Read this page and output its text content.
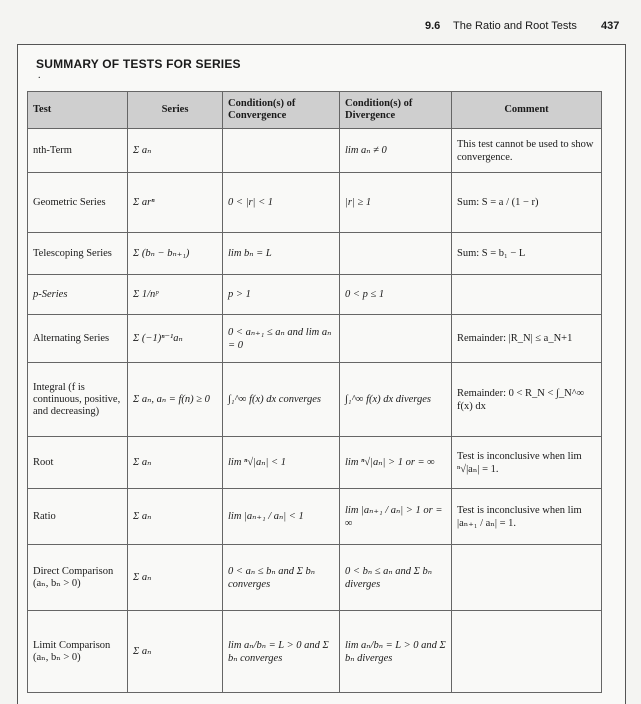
9.6 The Ratio and Root Tests 437
SUMMARY OF TESTS FOR SERIES
.
Test	Series	Condition(s) of Convergence	Condition(s) of Divergence	Comment
nth-Term	Σ aₙ		lim aₙ ≠ 0	This test cannot be used to show convergence.
Geometric Series	Σ arⁿ	0 < |r| < 1	|r| ≥ 1	Sum: S = a / (1 − r)
Telescoping Series	Σ (bₙ − bₙ₊₁)	lim bₙ = L		Sum: S = b₁ − L
p-Series	Σ 1/nᵖ	p > 1	0 < p ≤ 1	
Alternating Series	Σ (−1)ⁿ⁻¹aₙ	0 < aₙ₊₁ ≤ aₙ and lim aₙ = 0		Remainder: |R_N| ≤ a_N+1
Integral (f is continuous, positive, and decreasing)	Σ aₙ, aₙ = f(n) ≥ 0	∫₁^∞ f(x) dx converges	∫₁^∞ f(x) dx diverges	Remainder: 0 < R_N < ∫_N^∞ f(x) dx
Root	Σ aₙ	lim ⁿ√|aₙ| < 1	lim ⁿ√|aₙ| > 1 or = ∞	Test is inconclusive when lim ⁿ√|aₙ| = 1.
Ratio	Σ aₙ	lim |aₙ₊₁ / aₙ| < 1	lim |aₙ₊₁ / aₙ| > 1 or = ∞	Test is inconclusive when lim |aₙ₊₁ / aₙ| = 1.
Direct Comparison (aₙ, bₙ > 0)	Σ aₙ	0 < aₙ ≤ bₙ and Σ bₙ converges	0 < bₙ ≤ aₙ and Σ bₙ diverges	
Limit Comparison (aₙ, bₙ > 0)	Σ aₙ	lim aₙ/bₙ = L > 0 and Σ bₙ converges	lim aₙ/bₙ = L > 0 and Σ bₙ diverges	
